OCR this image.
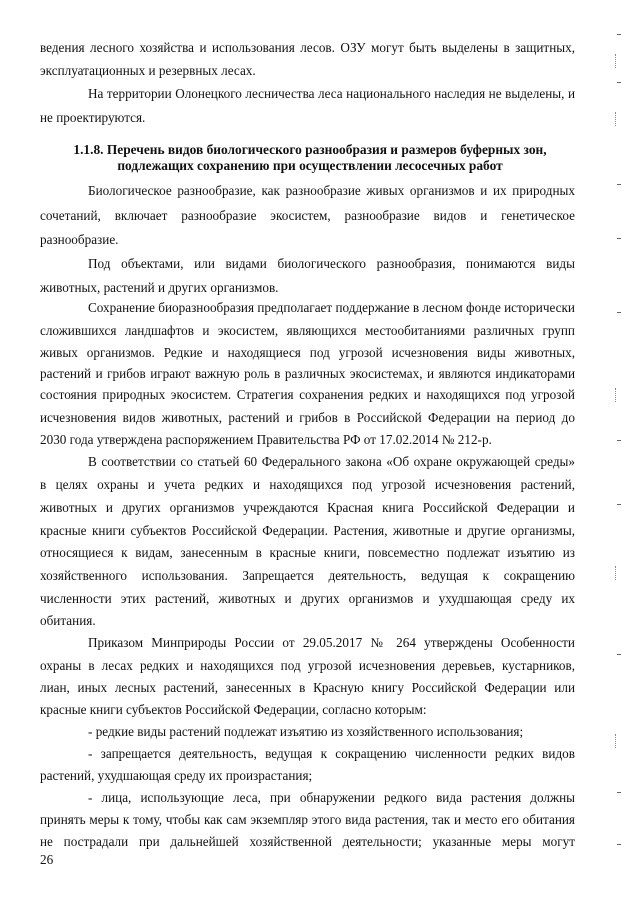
ведения лесного хозяйства и использования лесов. ОЗУ могут быть выделены в защитных,
эксплуатационных и резервных лесах.
На территории Олонецкого лесничества леса национального наследия не выделены, и
не проектируются.
1.1.8. Перечень видов биологического разнообразия и размеров буферных зон,
подлежащих сохранению при осуществлении лесосечных работ
Биологическое разнообразие, как разнообразие живых организмов и их природных
сочетаний, включает разнообразие экосистем, разнообразие видов и генетическое
разнообразие.
Под объектами, или видами биологического разнообразия, понимаются виды
животных, растений и других организмов.
Сохранение биоразнообразия предполагает поддержание в лесном фонде исторически
сложившихся ландшафтов и экосистем, являющихся местообитаниями различных групп
живых организмов. Редкие и находящиеся под угрозой исчезновения виды животных,
растений и грибов играют важную роль в различных экосистемах, и являются индикаторами
состояния природных экосистем. Стратегия сохранения редких и находящихся под угрозой
исчезновения видов животных, растений и грибов в Российской Федерации на период до
2030 года утверждена распоряжением Правительства РФ от 17.02.2014 № 212-р.
В соответствии со статьей 60 Федерального закона «Об охране окружающей среды»
в целях охраны и учета редких и находящихся под угрозой исчезновения растений,
животных и других организмов учреждаются Красная книга Российской Федерации и
красные книги субъектов Российской Федерации. Растения, животные и другие организмы,
относящиеся к видам, занесенным в красные книги, повсеместно подлежат изъятию из
хозяйственного использования. Запрещается деятельность, ведущая к сокращению
численности этих растений, животных и других организмов и ухудшающая среду их
обитания.
Приказом Минприроды России от 29.05.2017 № 264 утверждены Особенности
охраны в лесах редких и находящихся под угрозой исчезновения деревьев, кустарников,
лиан, иных лесных растений, занесенных в Красную книгу Российской Федерации или
красные книги субъектов Российской Федерации, согласно которым:
- редкие виды растений подлежат изъятию из хозяйственного использования;
- запрещается деятельность, ведущая к сокращению численности редких видов
растений, ухудшающая среду их произрастания;
- лица, использующие леса, при обнаружении редкого вида растения должны
принять меры к тому, чтобы как сам экземпляр этого вида растения, так и место его обитания
не пострадали при дальнейшей хозяйственной деятельности; указанные меры могут
26
